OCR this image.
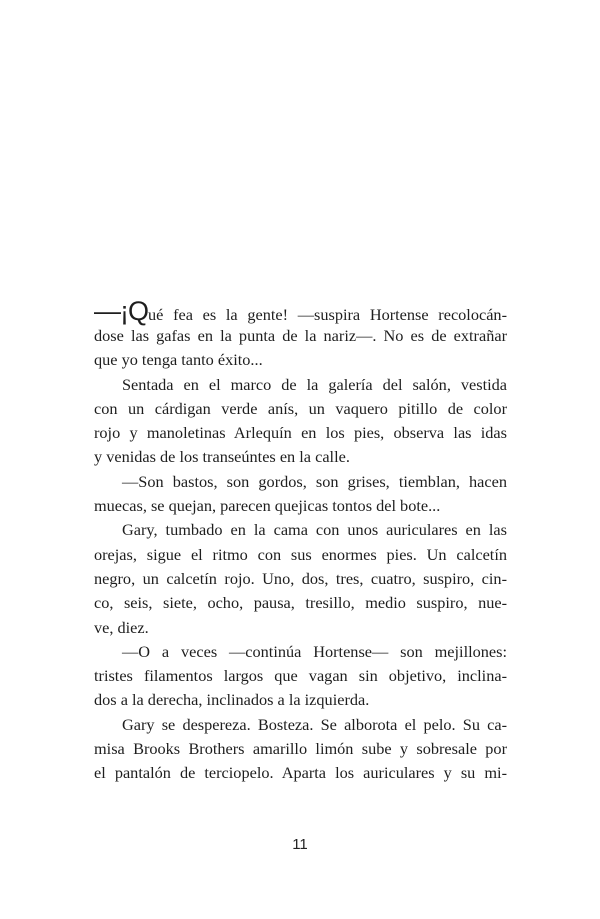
—¡Qué fea es la gente! —suspira Hortense recolocán-
dose las gafas en la punta de la nariz—. No es de extrañar
que yo tenga tanto éxito...
Sentada en el marco de la galería del salón, vestida
con un cárdigan verde anís, un vaquero pitillo de color
rojo y manoletinas Arlequín en los pies, observa las idas
y venidas de los transeúntes en la calle.
—Son bastos, son gordos, son grises, tiemblan, hacen
muecas, se quejan, parecen quejicas tontos del bote...
Gary, tumbado en la cama con unos auriculares en las
orejas, sigue el ritmo con sus enormes pies. Un calcetín
negro, un calcetín rojo. Uno, dos, tres, cuatro, suspiro, cin-
co, seis, siete, ocho, pausa, tresillo, medio suspiro, nue-
ve, diez.
—O a veces —continúa Hortense— son mejillones:
tristes filamentos largos que vagan sin objetivo, inclina-
dos a la derecha, inclinados a la izquierda.
Gary se despereza. Bosteza. Se alborota el pelo. Su ca-
misa Brooks Brothers amarillo limón sube y sobresale por
el pantalón de terciopelo. Aparta los auriculares y su mi-
11
